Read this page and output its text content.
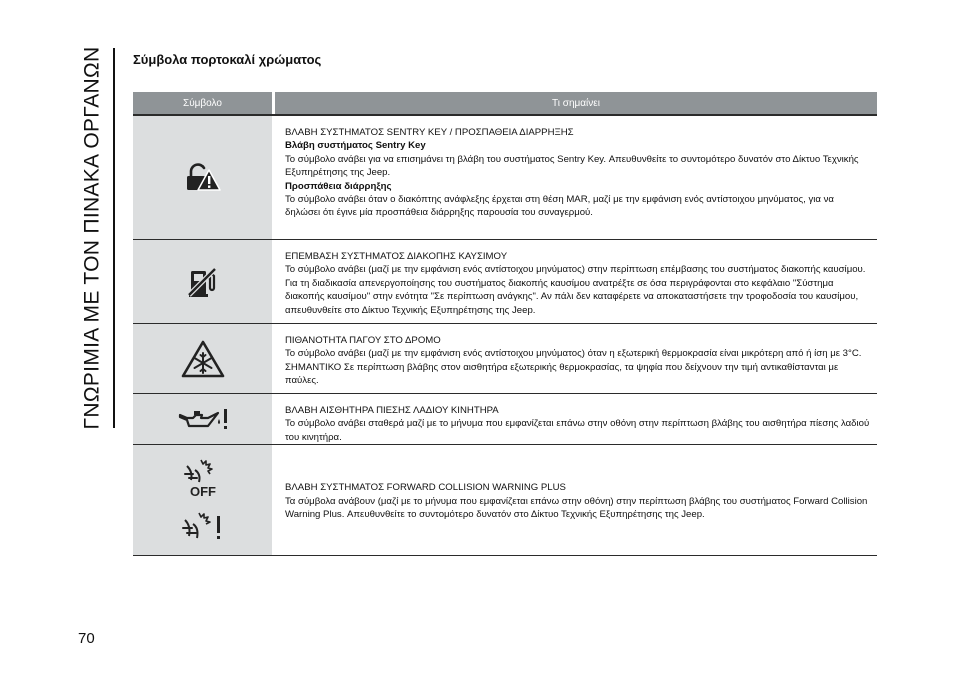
ΓΝΩΡΙΜΙΑ ΜΕ ΤΟΝ ΠΙΝΑΚΑ ΟΡΓΑΝΩΝ Σύμβολα πορτοκαλί χρώματος
Σύμβολο	Τι σημαίνει

ΒΛΑΒΗ ΣΥΣΤΗΜΑΤΟΣ SENTRY KEY / ΠΡΟΣΠΑΘΕΙΑ ΔΙΑΡΡΗΞΗΣ

Βλάβη συστήματος Sentry Key

Το σύμβολο ανάβει για να επισημάνει τη βλάβη του συστήματος Sentry Key. Απευθυνθείτε το συντομότερο δυνατόν στο Δίκτυο Τεχνικής Εξυπηρέτησης της Jeep.

Προσπάθεια διάρρηξης

Το σύμβολο ανάβει όταν ο διακόπτης ανάφλεξης έρχεται στη θέση MAR, μαζί με την εμφάνιση ενός αντίστοιχου μηνύματος, για να δηλώσει ότι έγινε μία προσπάθεια διάρρηξης παρουσία του συναγερμού.

ΕΠΕΜΒΑΣΗ ΣΥΣΤΗΜΑΤΟΣ ΔΙΑΚΟΠΗΣ ΚΑΥΣΙΜΟΥ

Το σύμβολο ανάβει (μαζί με την εμφάνιση ενός αντίστοιχου μηνύματος) στην περίπτωση επέμβασης του συστήματος διακοπής καυσίμου.

Για τη διαδικασία απενεργοποίησης του συστήματος διακοπής καυσίμου ανατρέξτε σε όσα περιγράφονται στο κεφάλαιο "Σύστημα διακοπής καυσίμου" στην ενότητα "Σε περίπτωση ανάγκης". Αν πάλι δεν καταφέρετε να αποκαταστήσετε την τροφοδοσία του καυσίμου, απευθυνθείτε στο Δίκτυο Τεχνικής Εξυπηρέτησης της Jeep.

ΠΙΘΑΝΟΤΗΤΑ ΠΑΓΟΥ ΣΤΟ ΔΡΟΜΟ

Το σύμβολο ανάβει (μαζί με την εμφάνιση ενός αντίστοιχου μηνύματος) όταν η εξωτερική θερμοκρασία είναι μικρότερη από ή ίση με 3°C.

ΣΗΜΑΝΤΙΚΟ Σε περίπτωση βλάβης στον αισθητήρα εξωτερικής θερμοκρασίας, τα ψηφία που δείχνουν την τιμή αντικαθίστανται με παύλες.

ΒΛΑΒΗ ΑΙΣΘΗΤΗΡΑ ΠΙΕΣΗΣ ΛΑΔΙΟΥ ΚΙΝΗΤΗΡΑ

Το σύμβολο ανάβει σταθερά μαζί με το μήνυμα που εμφανίζεται επάνω στην οθόνη στην περίπτωση βλάβης του αισθητήρα πίεσης λαδιού του κινητήρα.

OFF	ΒΛΑΒΗ ΣΥΣΤΗΜΑΤΟΣ FORWARD COLLISION WARNING PLUS

Τα σύμβολα ανάβουν (μαζί με το μήνυμα που εμφανίζεται επάνω στην οθόνη) στην περίπτωση βλάβης του συστήματος Forward Collision Warning Plus. Απευθυνθείτε το συντομότερο δυνατόν στο Δίκτυο Τεχνικής Εξυπηρέτησης της Jeep.

70
